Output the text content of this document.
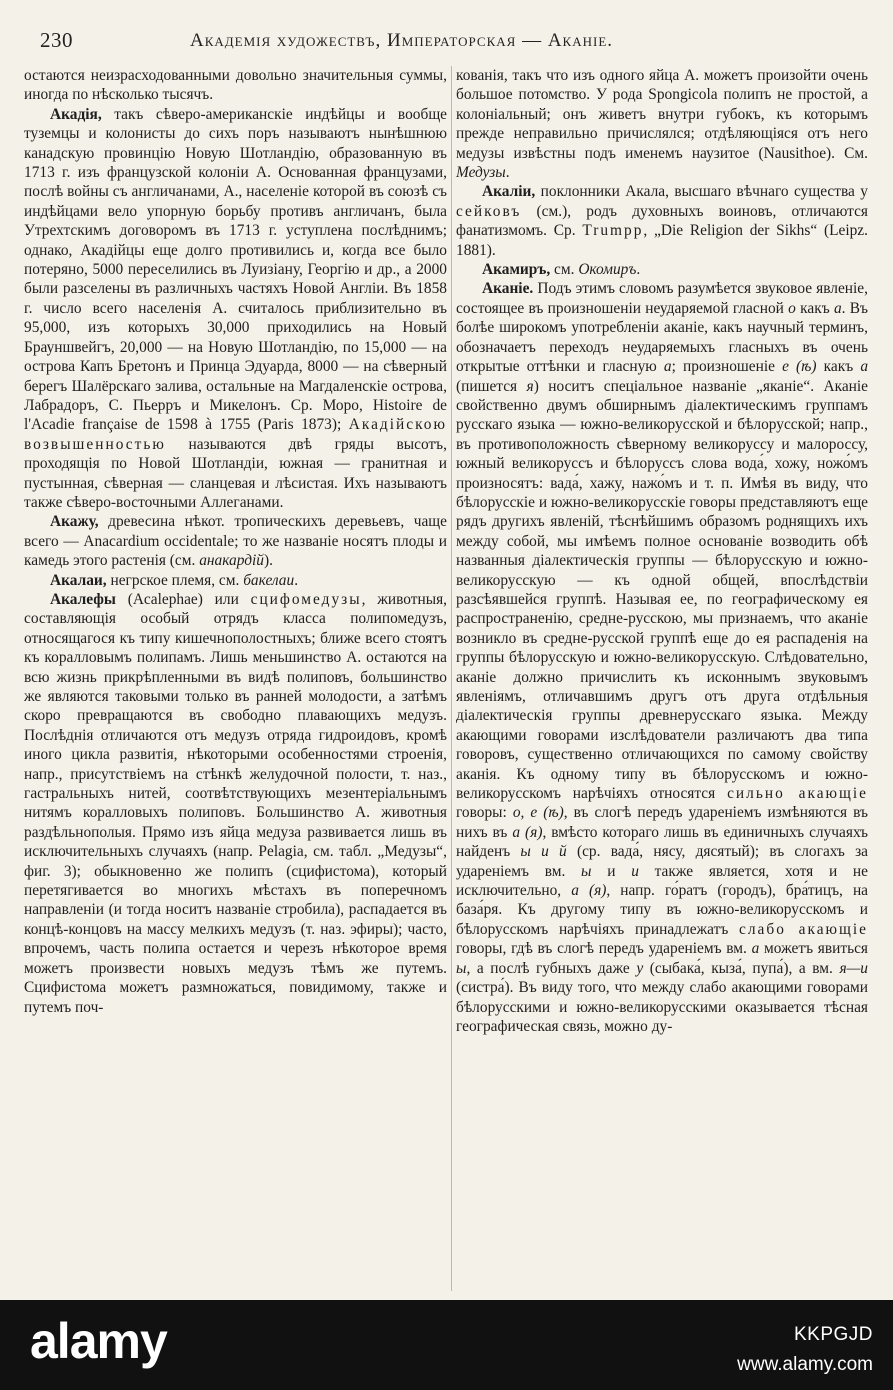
230	Академія художествъ, Императорская — Аканіе.

остаются неизрасходованными довольно значительныя суммы, иногда по нѣсколько тысячъ.

Акадія, такъ сѣверо-американскіе индѣйцы и вообще туземцы и колонисты до сихъ поръ называютъ нынѣшнюю канадскую провинцію Новую Шотландію, образованную въ 1713 г. изъ французской колоніи А. Основанная французами, послѣ войны съ англичанами, А., населеніе которой въ союзѣ съ индѣйцами вело упорную борьбу противъ англичанъ, была Утрехтскимъ договоромъ въ 1713 г. уступлена послѣднимъ; однако, Акадійцы еще долго противились и, когда все было потеряно, 5000 переселились въ Луизіану, Георгію и др., а 2000 были разселены въ различныхъ частяхъ Новой Англіи. Въ 1858 г. число всего населенія А. считалось приблизительно въ 95,000, изъ которыхъ 30,000 приходились на Новый Брауншвейгъ, 20,000 — на Новую Шотландію, по 15,000 — на острова Капъ Бретонъ и Принца Эдуарда, 8000 — на сѣверный берегъ Шалёрскаго залива, остальные на Магдаленскіе острова, Лабрадоръ, С. Пьерръ и Микелонъ. Ср. Моро, Histoire de l'Acadie française de 1598 à 1755 (Paris 1873); Акадійскою возвышенностью называются двѣ гряды высотъ, проходящія по Новой Шотландіи, южная — гранитная и пустынная, сѣверная — сланцевая и лѣсистая. Ихъ называютъ также сѣверо-восточными Аллеганами.

Акажу, древесина нѣкот. тропическихъ деревьевъ, чаще всего — Anacardium occidentale; то же названіе носятъ плоды и камедь этого растенія (см. анакардій).

Акалаи, негрское племя, см. бакелаи.

Акалефы (Acalephae) или сцифомедузы, животныя, составляющія особый отрядъ класса полипомедузъ, относящагося къ типу кишечнополостныхъ; ближе всего стоятъ къ коралловымъ полипамъ. Лишь меньшинство А. остаются на всю жизнь прикрѣпленными въ видѣ полиповъ, большинство же являются таковыми только въ ранней молодости, а затѣмъ скоро превращаются въ свободно плавающихъ медузъ. Послѣднія отличаются отъ медузъ отряда гидроидовъ, кромѣ иного цикла развитія, нѣкоторыми особенностями строенія, напр., присутствіемъ на стѣнкѣ желудочной полости, т. наз., гастральныхъ нитей, соотвѣтствующихъ мезентеріальнымъ нитямъ коралловыхъ полиповъ. Большинство А. животныя раздѣльнополыя. Прямо изъ яйца медуза развивается лишь въ исключительныхъ случаяхъ (напр. Pelagia, см. табл. „Медузы“, фиг. 3); обыкновенно же полипъ (сцифистома), который перетягивается во многихъ мѣстахъ въ поперечномъ направленіи (и тогда носитъ названіе стробила), распадается въ концѣ-концовъ на массу мелкихъ медузъ (т. наз. эфиры); часто, впрочемъ, часть полипа остается и черезъ нѣкоторое время можетъ произвести новыхъ медузъ тѣмъ же путемъ. Сцифистома можетъ размножаться, повидимому, также и путемъ поч-

кованія, такъ что изъ одного яйца А. можетъ произойти очень большое потомство. У рода Spongicola полипъ не простой, а колоніальный; онъ живетъ внутри губокъ, къ которымъ прежде неправильно причислялся; отдѣляющіяся отъ него медузы извѣстны подъ именемъ наузитое (Nausithoe). См. Медузы.

Акаліи, поклонники Акала, высшаго вѣчнаго существа у сейковъ (см.), родъ духовныхъ воиновъ, отличаются фанатизмомъ. Ср. Trumpp, „Die Religion der Sikhs“ (Leipz. 1881).

Акамиръ, см. Окомиръ.

Аканіе. Подъ этимъ словомъ разумѣется звуковое явленіе, состоящее въ произношеніи неударяемой гласной о какъ а. Въ болѣе широкомъ употребленіи аканіе, какъ научный терминъ, обозначаетъ переходъ неударяемыхъ гласныхъ въ очень открытые оттѣнки и гласную а; произношеніе е (ѣ) какъ а (пишется я) носитъ спеціальное названіе „яканіе“. Аканіе свойственно двумъ обширнымъ діалектическимъ группамъ русскаго языка — южно-великорусской и бѣлорусской; напр., въ противоположность сѣверному великоруссу и малороссу, южный великоруссъ и бѣлоруссъ слова вода́, хожу, ножо́мъ произносятъ: вада́, хажу, нажо́мъ и т. п. Имѣя въ виду, что бѣлорусскіе и южно-великорусскіе говоры представляютъ еще рядъ другихъ явленій, тѣснѣйшимъ образомъ роднящихъ ихъ между собой, мы имѣемъ полное основаніе возводить обѣ названныя діалектическія группы — бѣлорусскую и южно-великорусскую — къ одной общей, впослѣдствіи разсѣявшейся группѣ. Называя ее, по географическому ея распространенію, средне-русскою, мы признаемъ, что аканіе возникло въ средне-русской группѣ еще до ея распаденія на группы бѣлорусскую и южно-великорусскую. Слѣдовательно, аканіе должно причислить къ исконнымъ звуковымъ явленіямъ, отличавшимъ другъ отъ друга отдѣльныя діалектическія группы древнерусскаго языка. Между акающими говорами изслѣдователи различаютъ два типа говоровъ, существенно отличающихся по самому свойству аканія. Къ одному типу въ бѣлорусскомъ и южно-великорусскомъ нарѣчіяхъ относятся сильно акающіе говоры: о, е (ѣ), въ слогѣ передъ удареніемъ измѣняются въ нихъ въ а (я), вмѣсто котораго лишь въ единичныхъ случаяхъ найденъ ы и й (ср. вада́, нясу, дясятый); въ слогахъ за удареніемъ вм. ы и и также является, хотя и не исключительно, а (я), напр. го́ратъ (городъ), бра́тицъ, на база́ря. Къ другому типу въ южно-великорусскомъ и бѣлорусскомъ нарѣчіяхъ принадлежатъ слабо акающіе говоры, гдѣ въ слогѣ передъ удареніемъ вм. а можетъ явиться ы, а послѣ губныхъ даже у (сыбака́, кыза́, пупа́), а вм. я—и (систра́). Въ виду того, что между слабо акающими говорами бѣлорусскими и южно-великорусскими оказывается тѣсная географическая связь, можно ду-

alamy	KKPGJD
www.alamy.com
